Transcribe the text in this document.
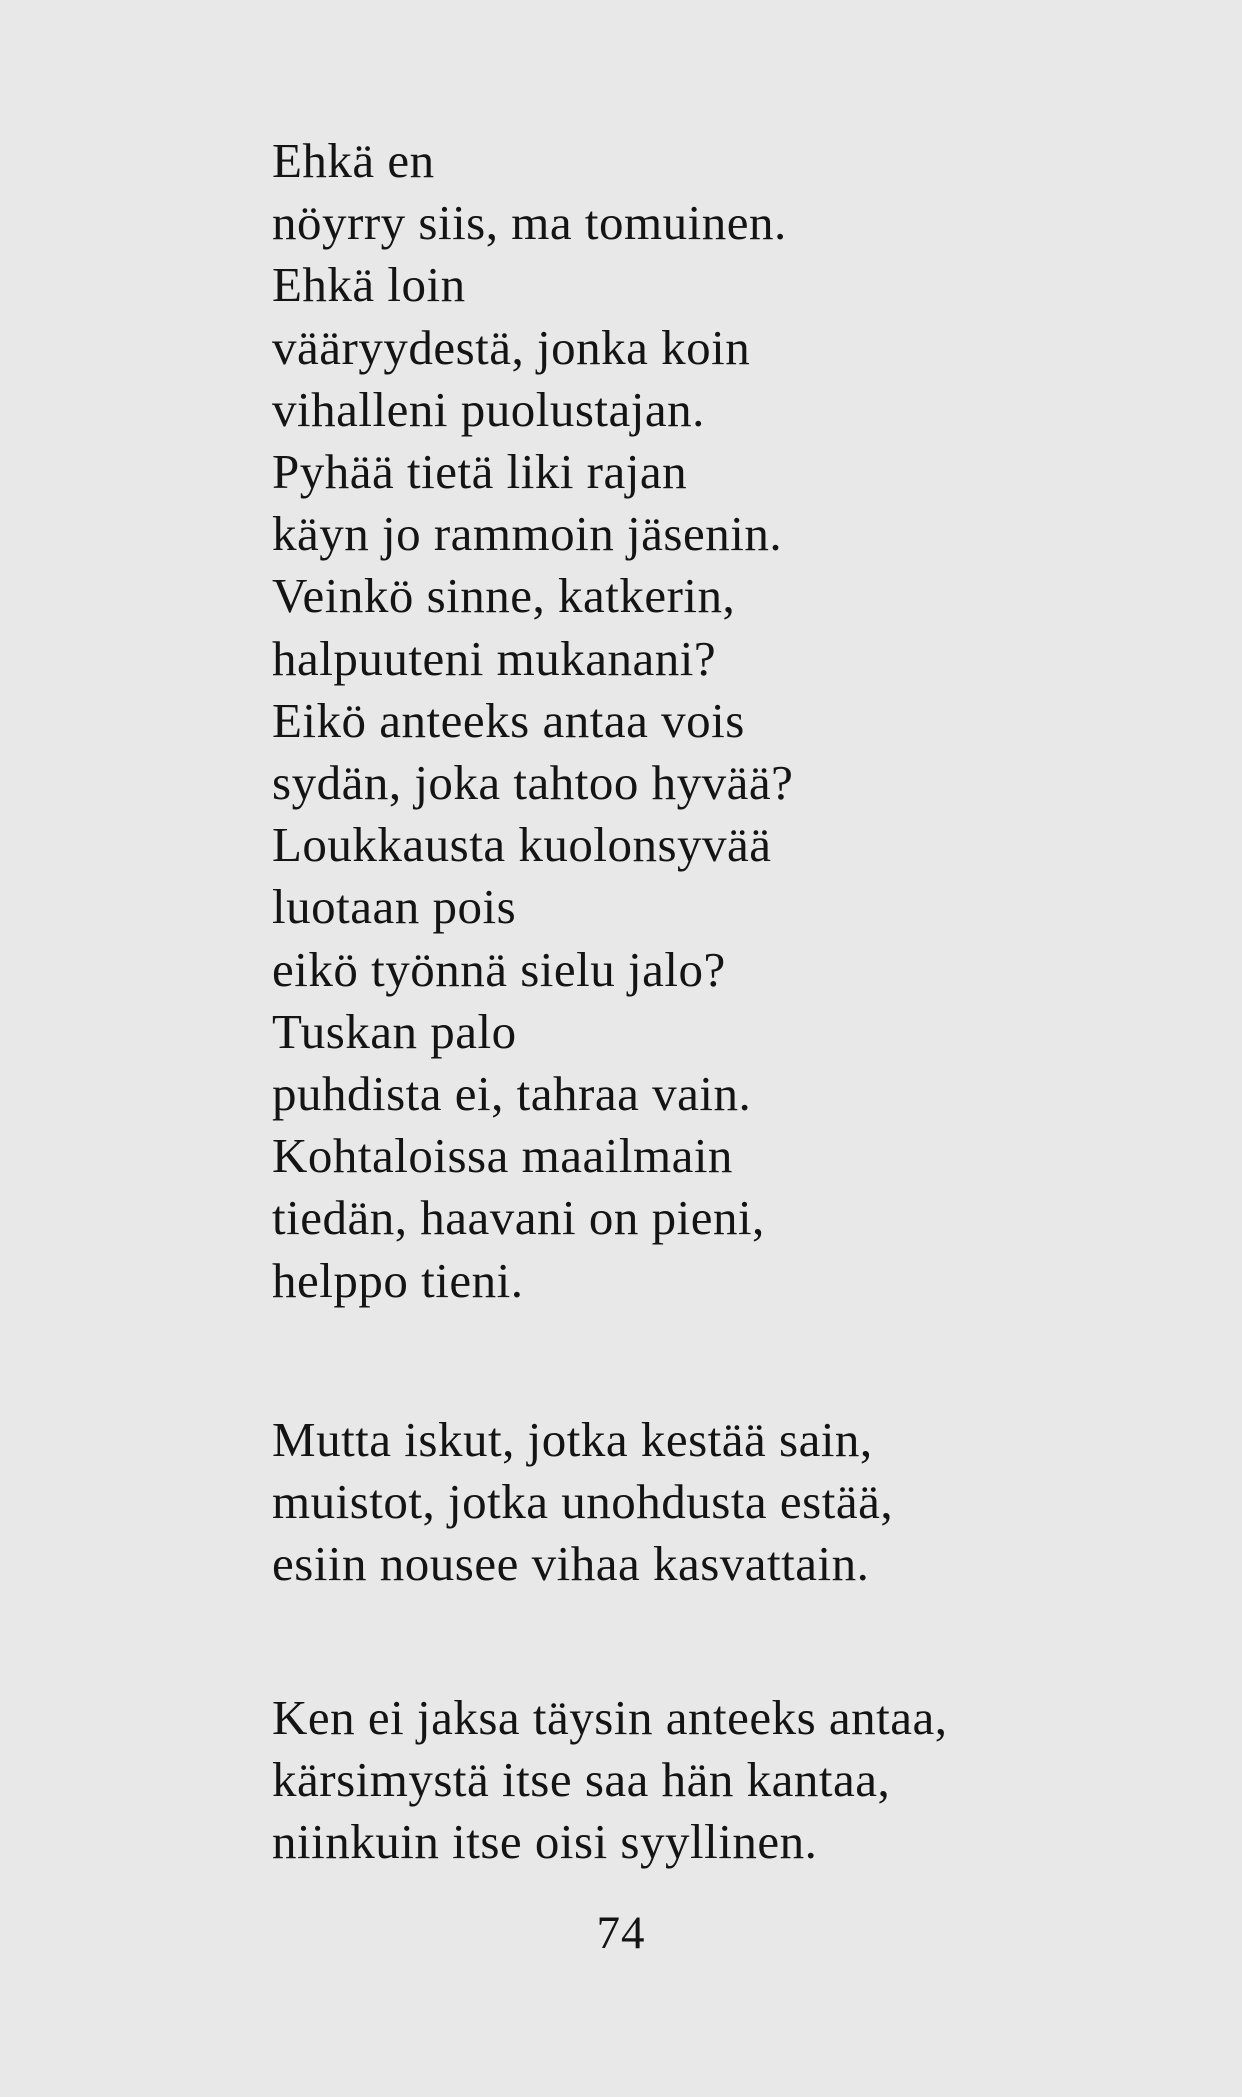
Ehkä en
nöyrry siis, ma tomuinen.
Ehkä loin
vääryydestä, jonka koin
vihalleni puolustajan.
Pyhää tietä liki rajan
käyn jo rammoin jäsenin.
Veinkö sinne, katkerin,
halpuuteni mukanani?
Eikö anteeks antaa vois
sydän, joka tahtoo hyvää?
Loukkausta kuolonsyvää
luotaan pois
eikö työnnä sielu jalo?
Tuskan palo
puhdista ei, tahraa vain.
Kohtaloissa maailmain
tiedän, haavani on pieni,
helppo tieni.
Mutta iskut, jotka kestää sain,
muistot, jotka unohdusta estää,
esiin nousee vihaa kasvattain.
Ken ei jaksa täysin anteeks antaa,
kärsimystä itse saa hän kantaa,
niinkuin itse oisi syyllinen.
74
